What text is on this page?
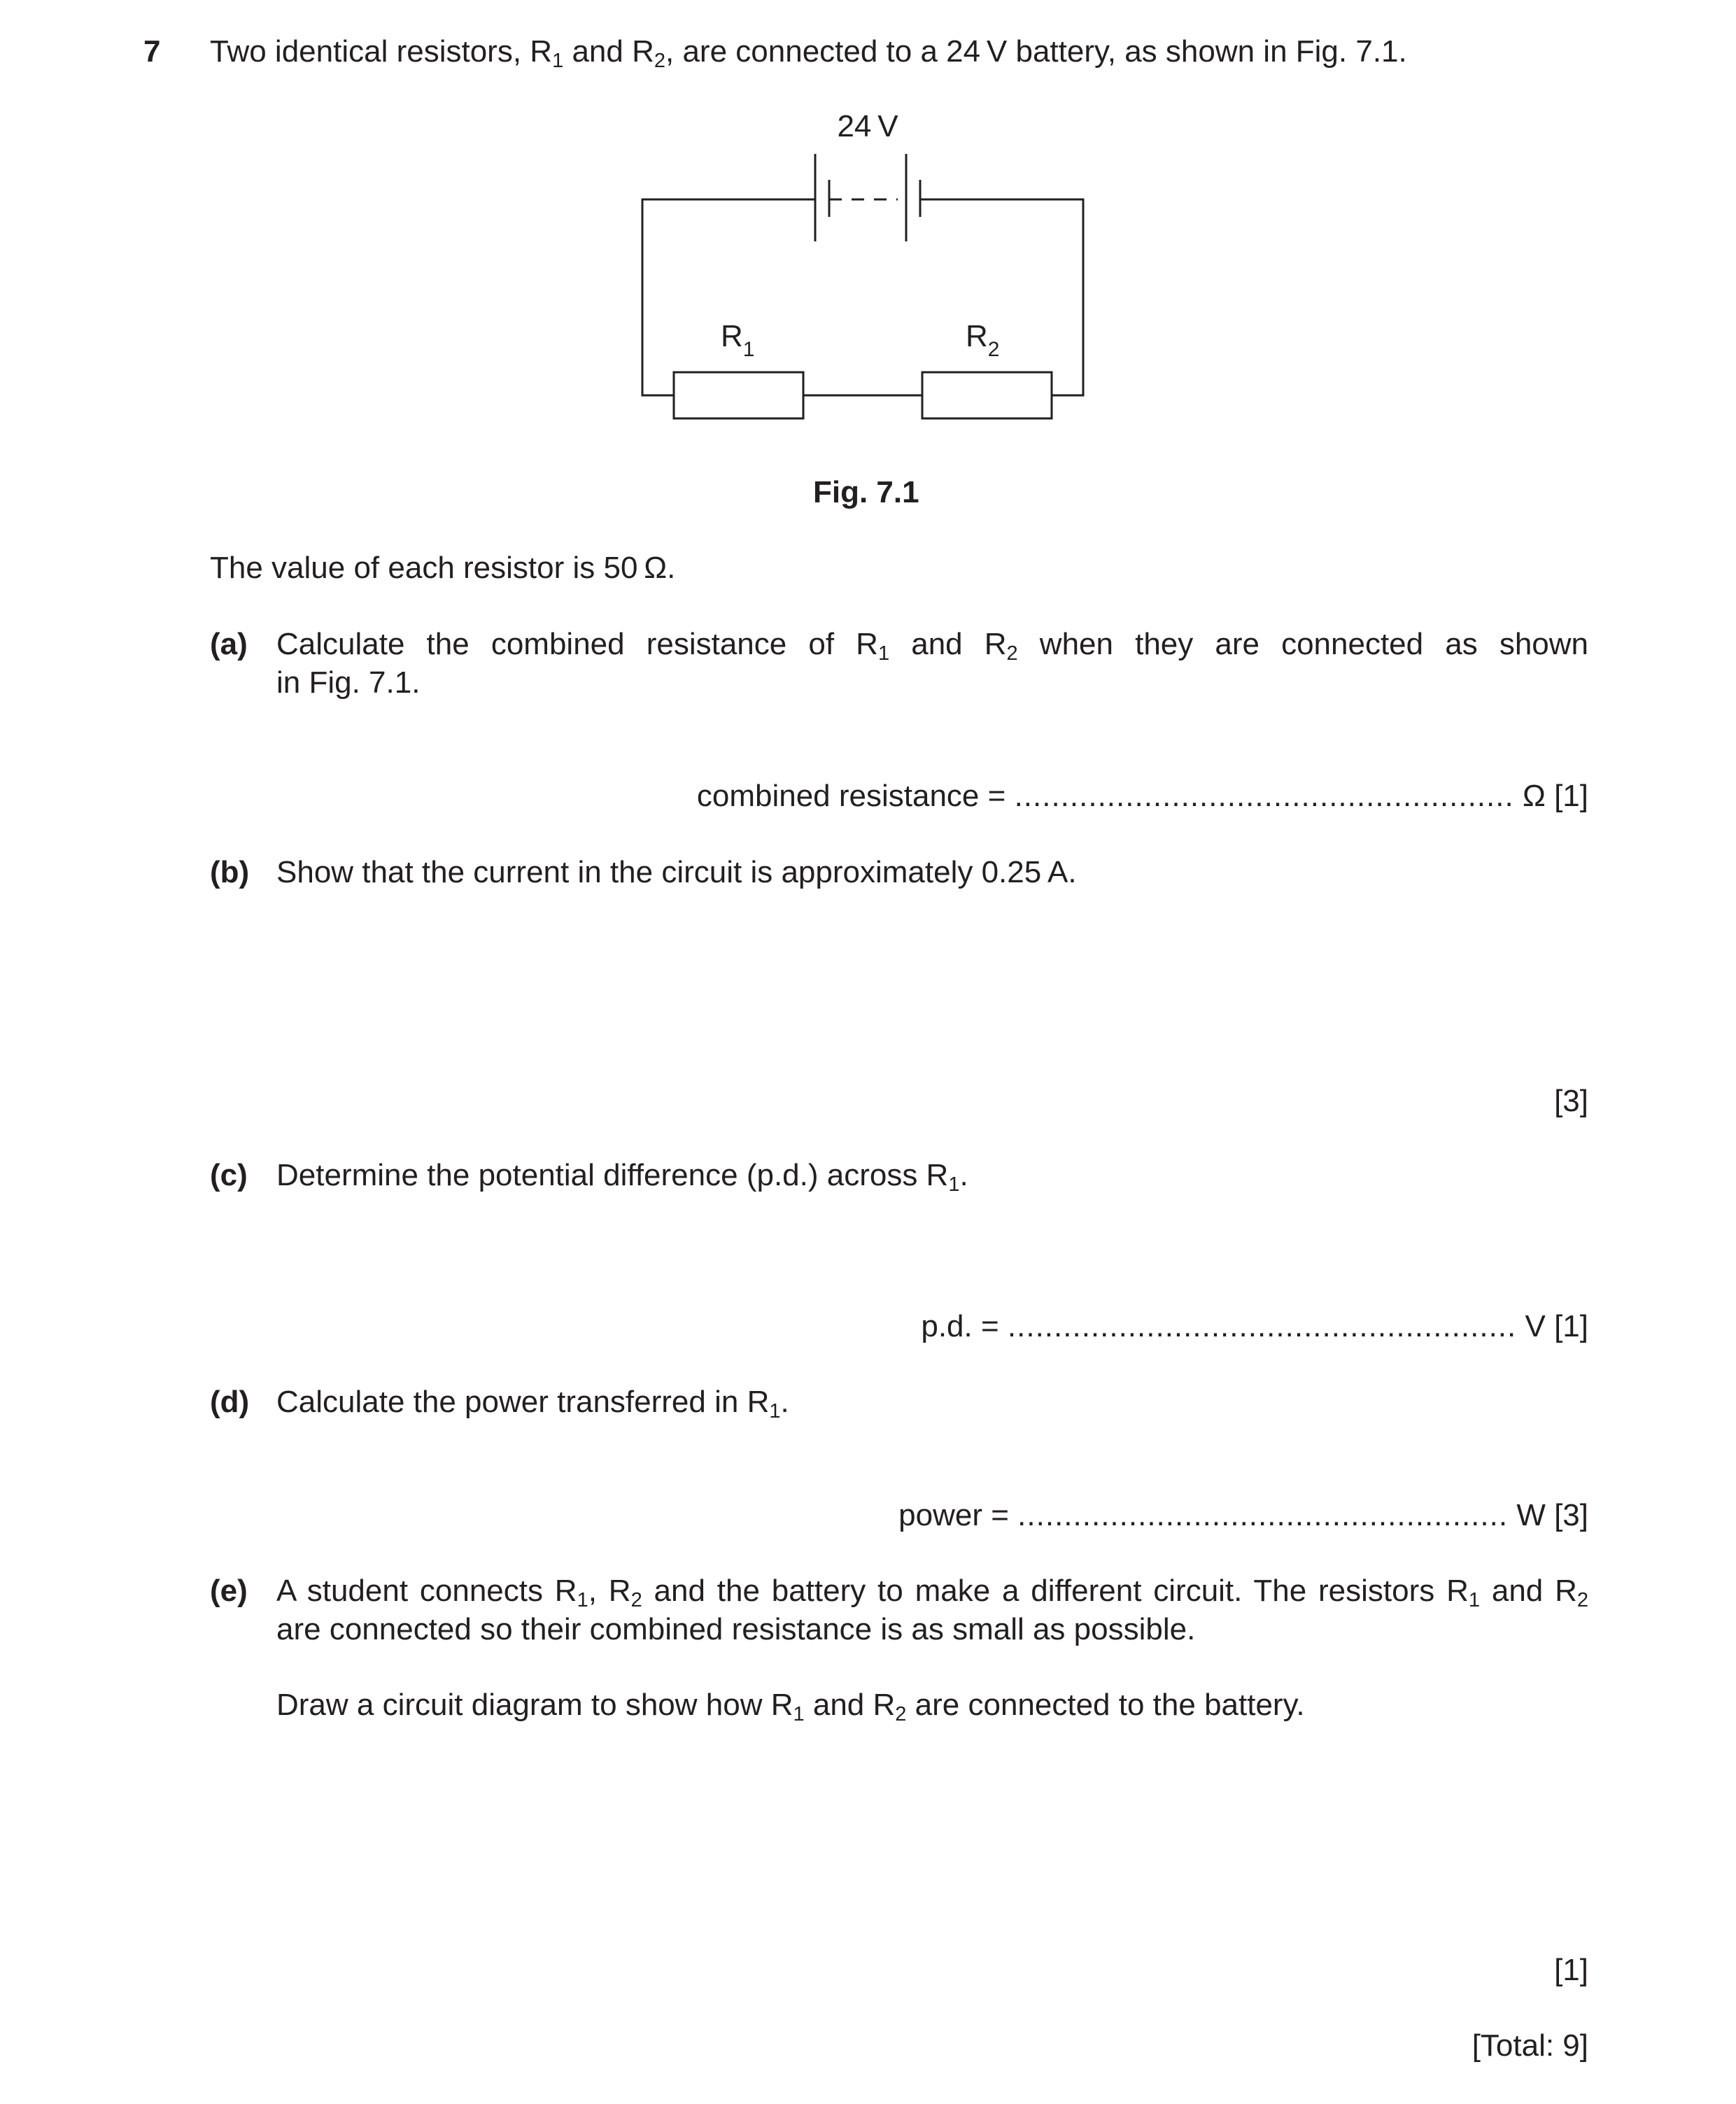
7 Two identical resistors, $R_1$ and $R_2$, are connected to a 24 V battery, as shown in Fig. 7.1.
24 V
$R_1$	$R_2$
Fig. 7.1
The value of each resistor is 50 Ω.
(a) Calculate the combined resistance of $R_1$ and $R_2$ when they are connected as shown
in Fig. 7.1.
combined resistance = ...................................................... Ω [1]
(b) Show that the current in the circuit is approximately 0.25 A.
[3]
(c) Determine the potential difference (p.d.) across $R_1$.
p.d. = ....................................................... V [1]
(d) Calculate the power transferred in $R_1$.
power = ..................................................... W [3]
(e) A student connects $R_1$, $R_2$ and the battery to make a different circuit. The resistors $R_1$ and $R_2$
are connected so their combined resistance is as small as possible.
Draw a circuit diagram to show how $R_1$ and $R_2$ are connected to the battery.
[1]
[Total: 9]
